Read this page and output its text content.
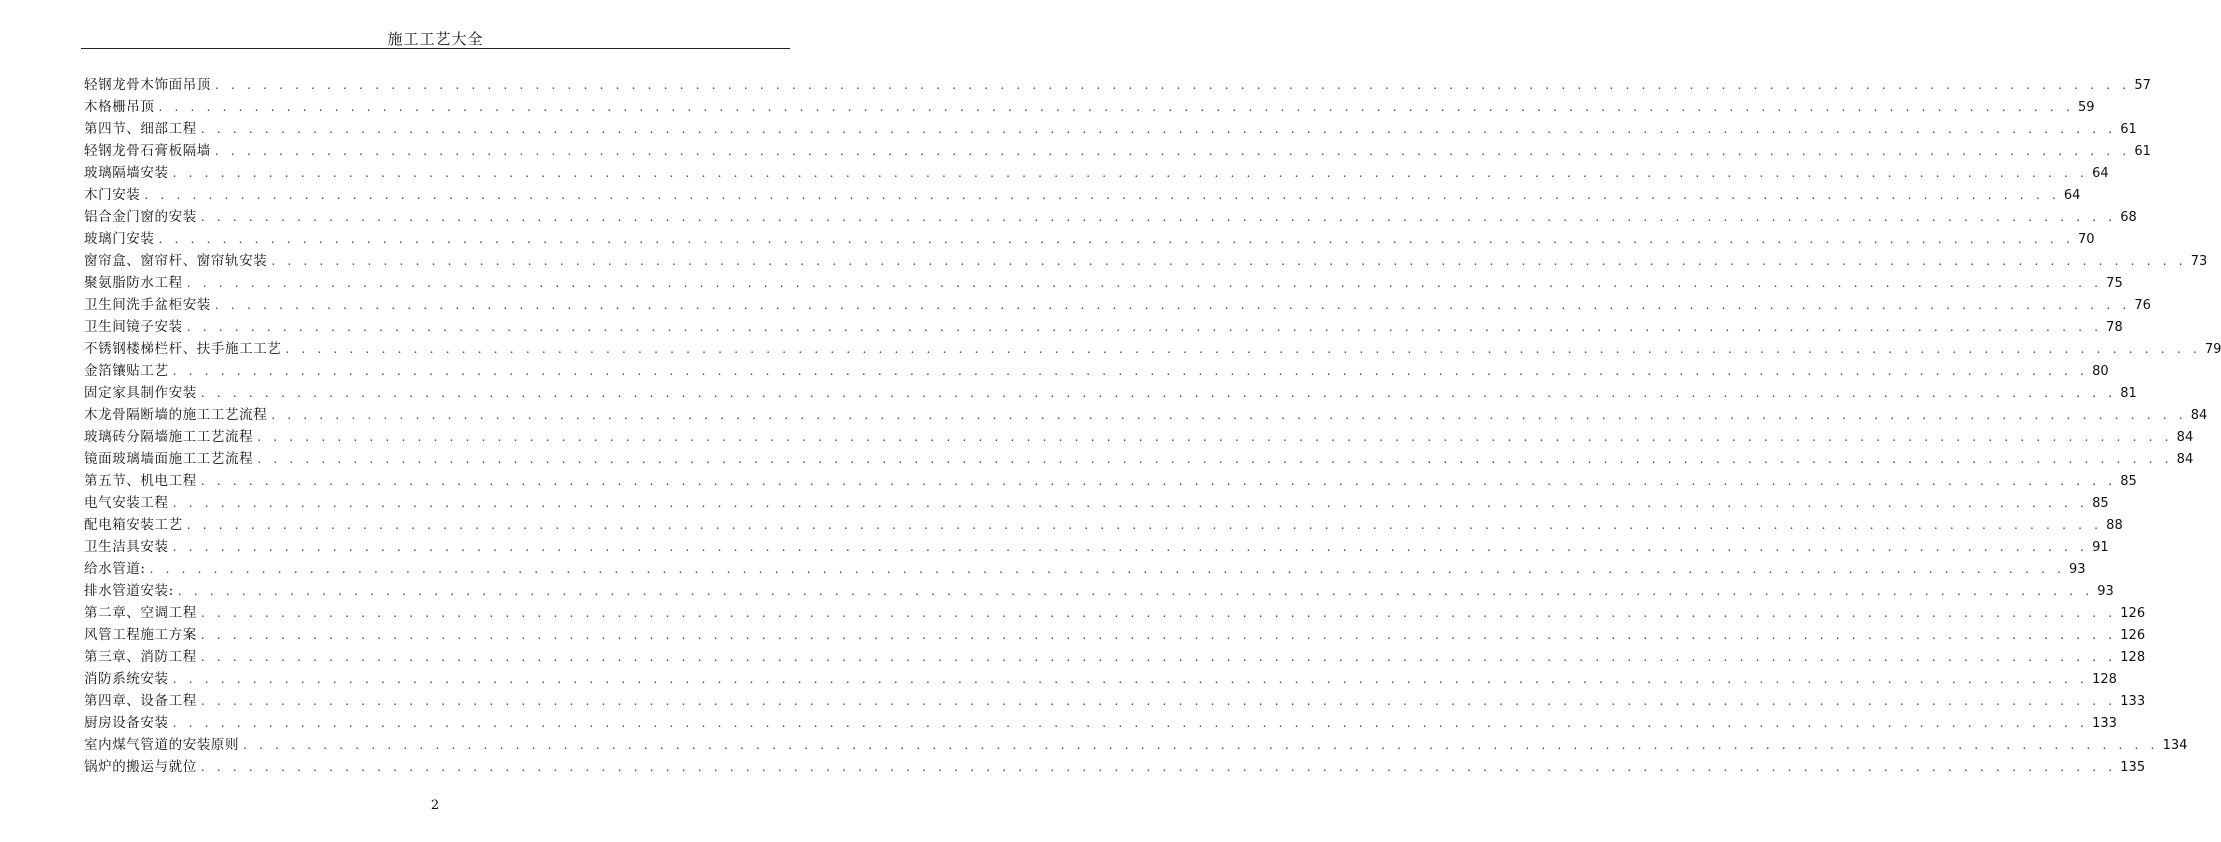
施工工艺大全
轻钢龙骨木饰面吊顶 . . . . . . . . . . . . . . . . . . . . . . . . . . . . . . . . . . . . . . . . . . . . . . . . . . . . . . . . . . . . . . . . . . . . . . . . . . . . . . . . . . . . . . . . . . . . . . . . . . . . . . . . . . . . . . . . . . . . . . . . 57
木格栅吊顶 . . . . . . . . . . . . . . . . . . . . . . . . . . . . . . . . . . . . . . . . . . . . . . . . . . . . . . . . . . . . . . . . . . . . . . . . . . . . . . . . . . . . . . . . . . . . . . . . . . . . . . . . . . . . . . . . . . . . . . . . 59
第四节、细部工程 . . . . . . . . . . . . . . . . . . . . . . . . . . . . . . . . . . . . . . . . . . . . . . . . . . . . . . . . . . . . . . . . . . . . . . . . . . . . . . . . . . . . . . . . . . . . . . . . . . . . . . . . . . . . . . . . . . . . . . . . 61
轻钢龙骨石膏板隔墙 . . . . . . . . . . . . . . . . . . . . . . . . . . . . . . . . . . . . . . . . . . . . . . . . . . . . . . . . . . . . . . . . . . . . . . . . . . . . . . . . . . . . . . . . . . . . . . . . . . . . . . . . . . . . . . . . . . . . . . . . 61
玻璃隔墙安装 . . . . . . . . . . . . . . . . . . . . . . . . . . . . . . . . . . . . . . . . . . . . . . . . . . . . . . . . . . . . . . . . . . . . . . . . . . . . . . . . . . . . . . . . . . . . . . . . . . . . . . . . . . . . . . . . . . . . . . . . 64
木门安装 . . . . . . . . . . . . . . . . . . . . . . . . . . . . . . . . . . . . . . . . . . . . . . . . . . . . . . . . . . . . . . . . . . . . . . . . . . . . . . . . . . . . . . . . . . . . . . . . . . . . . . . . . . . . . . . . . . . . . . . . 64
铝合金门窗的安装 . . . . . . . . . . . . . . . . . . . . . . . . . . . . . . . . . . . . . . . . . . . . . . . . . . . . . . . . . . . . . . . . . . . . . . . . . . . . . . . . . . . . . . . . . . . . . . . . . . . . . . . . . . . . . . . . . . . . . . . . 68
玻璃门安装 . . . . . . . . . . . . . . . . . . . . . . . . . . . . . . . . . . . . . . . . . . . . . . . . . . . . . . . . . . . . . . . . . . . . . . . . . . . . . . . . . . . . . . . . . . . . . . . . . . . . . . . . . . . . . . . . . . . . . . . . 70
窗帘盒、窗帘杆、窗帘轨安装 . . . . . . . . . . . . . . . . . . . . . . . . . . . . . . . . . . . . . . . . . . . . . . . . . . . . . . . . . . . . . . . . . . . . . . . . . . . . . . . . . . . . . . . . . . . . . . . . . . . . . . . . . . . . . . . . . . . . . . . . 73
聚氨脂防水工程 . . . . . . . . . . . . . . . . . . . . . . . . . . . . . . . . . . . . . . . . . . . . . . . . . . . . . . . . . . . . . . . . . . . . . . . . . . . . . . . . . . . . . . . . . . . . . . . . . . . . . . . . . . . . . . . . . . . . . . . . 75
卫生间洗手盆柜安装 . . . . . . . . . . . . . . . . . . . . . . . . . . . . . . . . . . . . . . . . . . . . . . . . . . . . . . . . . . . . . . . . . . . . . . . . . . . . . . . . . . . . . . . . . . . . . . . . . . . . . . . . . . . . . . . . . . . . . . . . 76
卫生间镜子安装 . . . . . . . . . . . . . . . . . . . . . . . . . . . . . . . . . . . . . . . . . . . . . . . . . . . . . . . . . . . . . . . . . . . . . . . . . . . . . . . . . . . . . . . . . . . . . . . . . . . . . . . . . . . . . . . . . . . . . . . . 78
不锈钢楼梯栏杆、扶手施工工艺 . . . . . . . . . . . . . . . . . . . . . . . . . . . . . . . . . . . . . . . . . . . . . . . . . . . . . . . . . . . . . . . . . . . . . . . . . . . . . . . . . . . . . . . . . . . . . . . . . . . . . . . . . . . . . . . . . . . . . . . . 79
金箔镶贴工艺 . . . . . . . . . . . . . . . . . . . . . . . . . . . . . . . . . . . . . . . . . . . . . . . . . . . . . . . . . . . . . . . . . . . . . . . . . . . . . . . . . . . . . . . . . . . . . . . . . . . . . . . . . . . . . . . . . . . . . . . . 80
固定家具制作安装 . . . . . . . . . . . . . . . . . . . . . . . . . . . . . . . . . . . . . . . . . . . . . . . . . . . . . . . . . . . . . . . . . . . . . . . . . . . . . . . . . . . . . . . . . . . . . . . . . . . . . . . . . . . . . . . . . . . . . . . . 81
木龙骨隔断墙的施工工艺流程 . . . . . . . . . . . . . . . . . . . . . . . . . . . . . . . . . . . . . . . . . . . . . . . . . . . . . . . . . . . . . . . . . . . . . . . . . . . . . . . . . . . . . . . . . . . . . . . . . . . . . . . . . . . . . . . . . . . . . . . . 84
玻璃砖分隔墙施工工艺流程 . . . . . . . . . . . . . . . . . . . . . . . . . . . . . . . . . . . . . . . . . . . . . . . . . . . . . . . . . . . . . . . . . . . . . . . . . . . . . . . . . . . . . . . . . . . . . . . . . . . . . . . . . . . . . . . . . . . . . . . . 84
镜面玻璃墙面施工工艺流程 . . . . . . . . . . . . . . . . . . . . . . . . . . . . . . . . . . . . . . . . . . . . . . . . . . . . . . . . . . . . . . . . . . . . . . . . . . . . . . . . . . . . . . . . . . . . . . . . . . . . . . . . . . . . . . . . . . . . . . . . 84
第五节、机电工程 . . . . . . . . . . . . . . . . . . . . . . . . . . . . . . . . . . . . . . . . . . . . . . . . . . . . . . . . . . . . . . . . . . . . . . . . . . . . . . . . . . . . . . . . . . . . . . . . . . . . . . . . . . . . . . . . . . . . . . . . 85
电气安装工程 . . . . . . . . . . . . . . . . . . . . . . . . . . . . . . . . . . . . . . . . . . . . . . . . . . . . . . . . . . . . . . . . . . . . . . . . . . . . . . . . . . . . . . . . . . . . . . . . . . . . . . . . . . . . . . . . . . . . . . . . 85
配电箱安装工艺 . . . . . . . . . . . . . . . . . . . . . . . . . . . . . . . . . . . . . . . . . . . . . . . . . . . . . . . . . . . . . . . . . . . . . . . . . . . . . . . . . . . . . . . . . . . . . . . . . . . . . . . . . . . . . . . . . . . . . . . . 88
卫生洁具安装 . . . . . . . . . . . . . . . . . . . . . . . . . . . . . . . . . . . . . . . . . . . . . . . . . . . . . . . . . . . . . . . . . . . . . . . . . . . . . . . . . . . . . . . . . . . . . . . . . . . . . . . . . . . . . . . . . . . . . . . . 91
给水管道: . . . . . . . . . . . . . . . . . . . . . . . . . . . . . . . . . . . . . . . . . . . . . . . . . . . . . . . . . . . . . . . . . . . . . . . . . . . . . . . . . . . . . . . . . . . . . . . . . . . . . . . . . . . . . . . . . . . . . . . . 93
排水管道安装: . . . . . . . . . . . . . . . . . . . . . . . . . . . . . . . . . . . . . . . . . . . . . . . . . . . . . . . . . . . . . . . . . . . . . . . . . . . . . . . . . . . . . . . . . . . . . . . . . . . . . . . . . . . . . . . . . . . . . . . . 93
第二章、空调工程 . . . . . . . . . . . . . . . . . . . . . . . . . . . . . . . . . . . . . . . . . . . . . . . . . . . . . . . . . . . . . . . . . . . . . . . . . . . . . . . . . . . . . . . . . . . . . . . . . . . . . . . . . . . . . . . . . . . . . . . . 126
风管工程施工方案 . . . . . . . . . . . . . . . . . . . . . . . . . . . . . . . . . . . . . . . . . . . . . . . . . . . . . . . . . . . . . . . . . . . . . . . . . . . . . . . . . . . . . . . . . . . . . . . . . . . . . . . . . . . . . . . . . . . . . . . . 126
第三章、消防工程 . . . . . . . . . . . . . . . . . . . . . . . . . . . . . . . . . . . . . . . . . . . . . . . . . . . . . . . . . . . . . . . . . . . . . . . . . . . . . . . . . . . . . . . . . . . . . . . . . . . . . . . . . . . . . . . . . . . . . . . . 128
消防系统安装 . . . . . . . . . . . . . . . . . . . . . . . . . . . . . . . . . . . . . . . . . . . . . . . . . . . . . . . . . . . . . . . . . . . . . . . . . . . . . . . . . . . . . . . . . . . . . . . . . . . . . . . . . . . . . . . . . . . . . . . . 128
第四章、设备工程 . . . . . . . . . . . . . . . . . . . . . . . . . . . . . . . . . . . . . . . . . . . . . . . . . . . . . . . . . . . . . . . . . . . . . . . . . . . . . . . . . . . . . . . . . . . . . . . . . . . . . . . . . . . . . . . . . . . . . . . . 133
厨房设备安装 . . . . . . . . . . . . . . . . . . . . . . . . . . . . . . . . . . . . . . . . . . . . . . . . . . . . . . . . . . . . . . . . . . . . . . . . . . . . . . . . . . . . . . . . . . . . . . . . . . . . . . . . . . . . . . . . . . . . . . . . 133
室内煤气管道的安装原则 . . . . . . . . . . . . . . . . . . . . . . . . . . . . . . . . . . . . . . . . . . . . . . . . . . . . . . . . . . . . . . . . . . . . . . . . . . . . . . . . . . . . . . . . . . . . . . . . . . . . . . . . . . . . . . . . . . . . . . . . 134
锅炉的搬运与就位 . . . . . . . . . . . . . . . . . . . . . . . . . . . . . . . . . . . . . . . . . . . . . . . . . . . . . . . . . . . . . . . . . . . . . . . . . . . . . . . . . . . . . . . . . . . . . . . . . . . . . . . . . . . . . . . . . . . . . . . . 135
2
